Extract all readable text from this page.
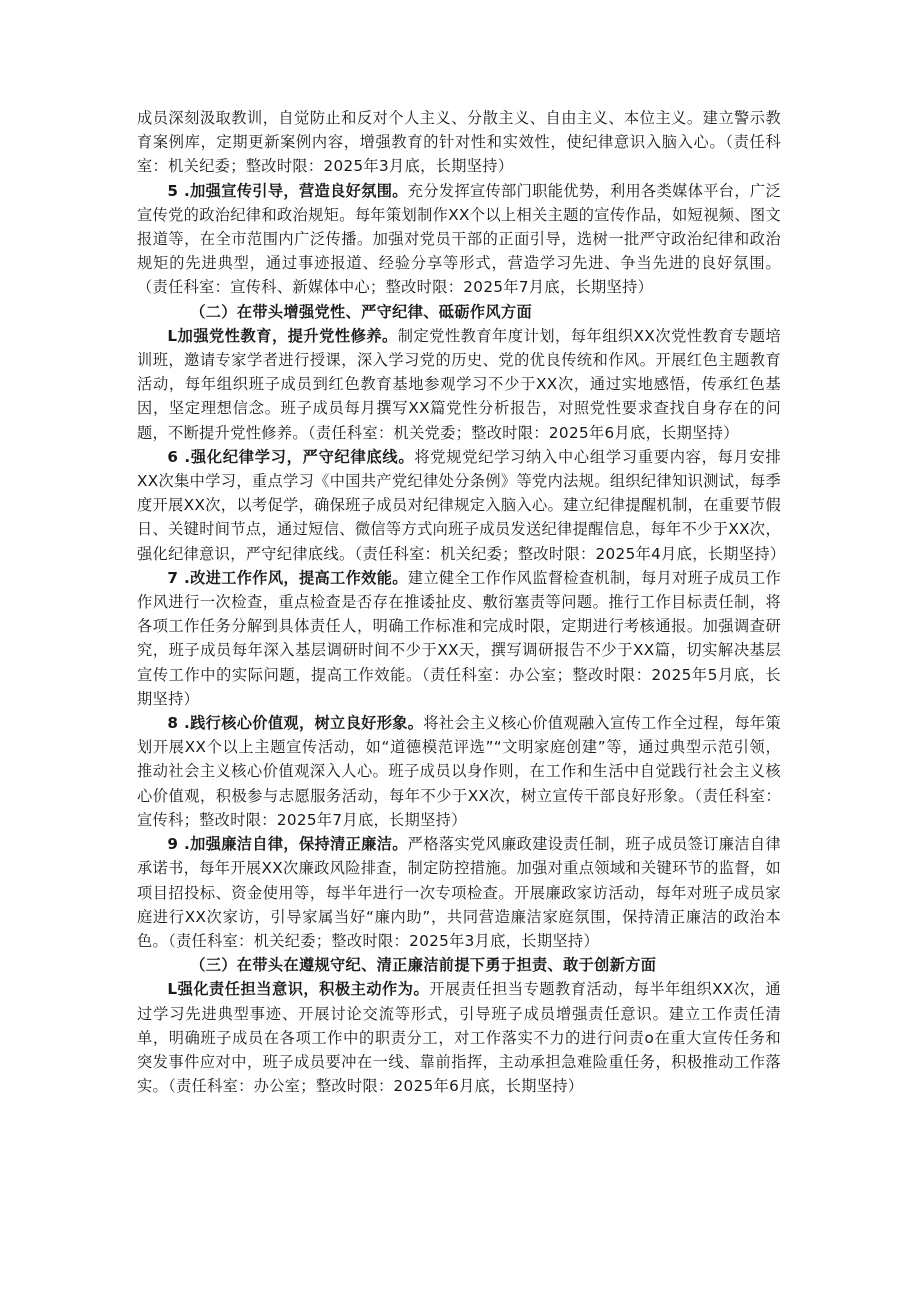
成员深刻汲取教训，自觉防止和反对个人主义、分散主义、自由主义、本位主义。建立警示教育案例库，定期更新案例内容，增强教育的针对性和实效性，使纪律意识入脑入心。（责任科室：机关纪委；整改时限：2025年3月底，长期坚持）

5 .加强宣传引导，营造良好氛围。充分发挥宣传部门职能优势，利用各类媒体平台，广泛宣传党的政治纪律和政治规矩。每年策划制作XX个以上相关主题的宣传作品，如短视频、图文报道等，在全市范围内广泛传播。加强对党员干部的正面引导，选树一批严守政治纪律和政治规矩的先进典型，通过事迹报道、经验分享等形式，营造学习先进、争当先进的良好氛围。（责任科室：宣传科、新媒体中心；整改时限：2025年7月底，长期坚持）

（二）在带头增强党性、严守纪律、砥砺作风方面

L加强党性教育，提升党性修养。制定党性教育年度计划，每年组织XX次党性教育专题培训班，邀请专家学者进行授课，深入学习党的历史、党的优良传统和作风。开展红色主题教育活动，每年组织班子成员到红色教育基地参观学习不少于XX次，通过实地感悟，传承红色基因，坚定理想信念。班子成员每月撰写XX篇党性分析报告，对照党性要求查找自身存在的问题，不断提升党性修养。（责任科室：机关党委；整改时限：2025年6月底，长期坚持）

6 .强化纪律学习，严守纪律底线。将党规党纪学习纳入中心组学习重要内容，每月安排XX次集中学习，重点学习《中国共产党纪律处分条例》等党内法规。组织纪律知识测试，每季度开展XX次，以考促学，确保班子成员对纪律规定入脑入心。建立纪律提醒机制，在重要节假日、关键时间节点，通过短信、微信等方式向班子成员发送纪律提醒信息，每年不少于XX次，强化纪律意识，严守纪律底线。（责任科室：机关纪委；整改时限：2025年4月底，长期坚持）

7 .改进工作作风，提高工作效能。建立健全工作作风监督检查机制，每月对班子成员工作作风进行一次检查，重点检查是否存在推诿扯皮、敷衍塞责等问题。推行工作目标责任制，将各项工作任务分解到具体责任人，明确工作标准和完成时限，定期进行考核通报。加强调查研究，班子成员每年深入基层调研时间不少于XX天，撰写调研报告不少于XX篇，切实解决基层宣传工作中的实际问题，提高工作效能。（责任科室：办公室；整改时限：2025年5月底，长期坚持）

8 .践行核心价值观，树立良好形象。将社会主义核心价值观融入宣传工作全过程，每年策划开展XX个以上主题宣传活动，如“道德模范评选”“文明家庭创建”等，通过典型示范引领，推动社会主义核心价值观深入人心。班子成员以身作则，在工作和生活中自觉践行社会主义核心价值观，积极参与志愿服务活动，每年不少于XX次，树立宣传干部良好形象。（责任科室：宣传科；整改时限：2025年7月底，长期坚持）

9 .加强廉洁自律，保持清正廉洁。严格落实党风廉政建设责任制，班子成员签订廉洁自律承诺书，每年开展XX次廉政风险排查，制定防控措施。加强对重点领域和关键环节的监督，如项目招投标、资金使用等，每半年进行一次专项检查。开展廉政家访活动，每年对班子成员家庭进行XX次家访，引导家属当好“廉内助”，共同营造廉洁家庭氛围，保持清正廉洁的政治本色。（责任科室：机关纪委；整改时限：2025年3月底，长期坚持）

（三）在带头在遵规守纪、清正廉洁前提下勇于担责、敢于创新方面

L强化责任担当意识，积极主动作为。开展责任担当专题教育活动，每半年组织XX次，通过学习先进典型事迹、开展讨论交流等形式，引导班子成员增强责任意识。建立工作责任清单，明确班子成员在各项工作中的职责分工，对工作落实不力的进行问责o在重大宣传任务和突发事件应对中，班子成员要冲在一线、靠前指挥，主动承担急难险重任务，积极推动工作落实。（责任科室：办公室；整改时限：2025年6月底，长期坚持）
